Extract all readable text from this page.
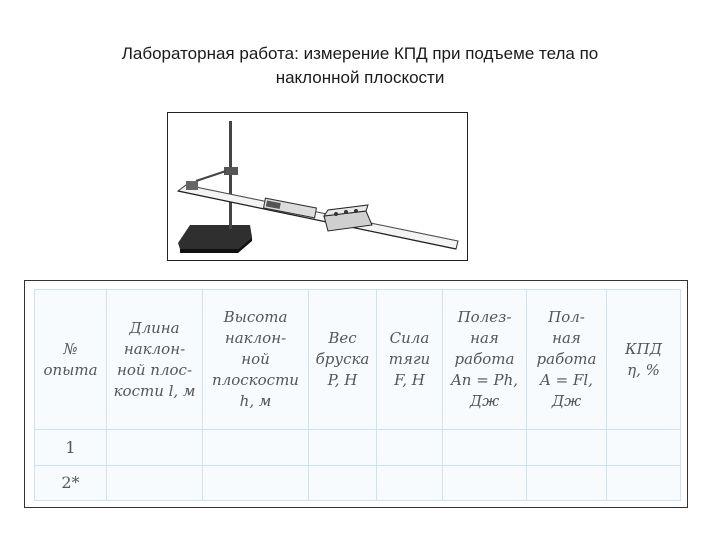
Лабораторная работа: измерение КПД при подъеме тела по
наклонной плоскости
№
опыта	Длина
наклон-
ной плос-
кости l, м	Высота
наклон-
ной
плоскости
h, м	Вес
бруска
P, Н	Сила
тяги
F, Н	Полез-
ная
работа
Aп = Ph,
Дж	Пол-
ная
работа
A = Fl,
Дж	КПД
η, %

1							
2*							
